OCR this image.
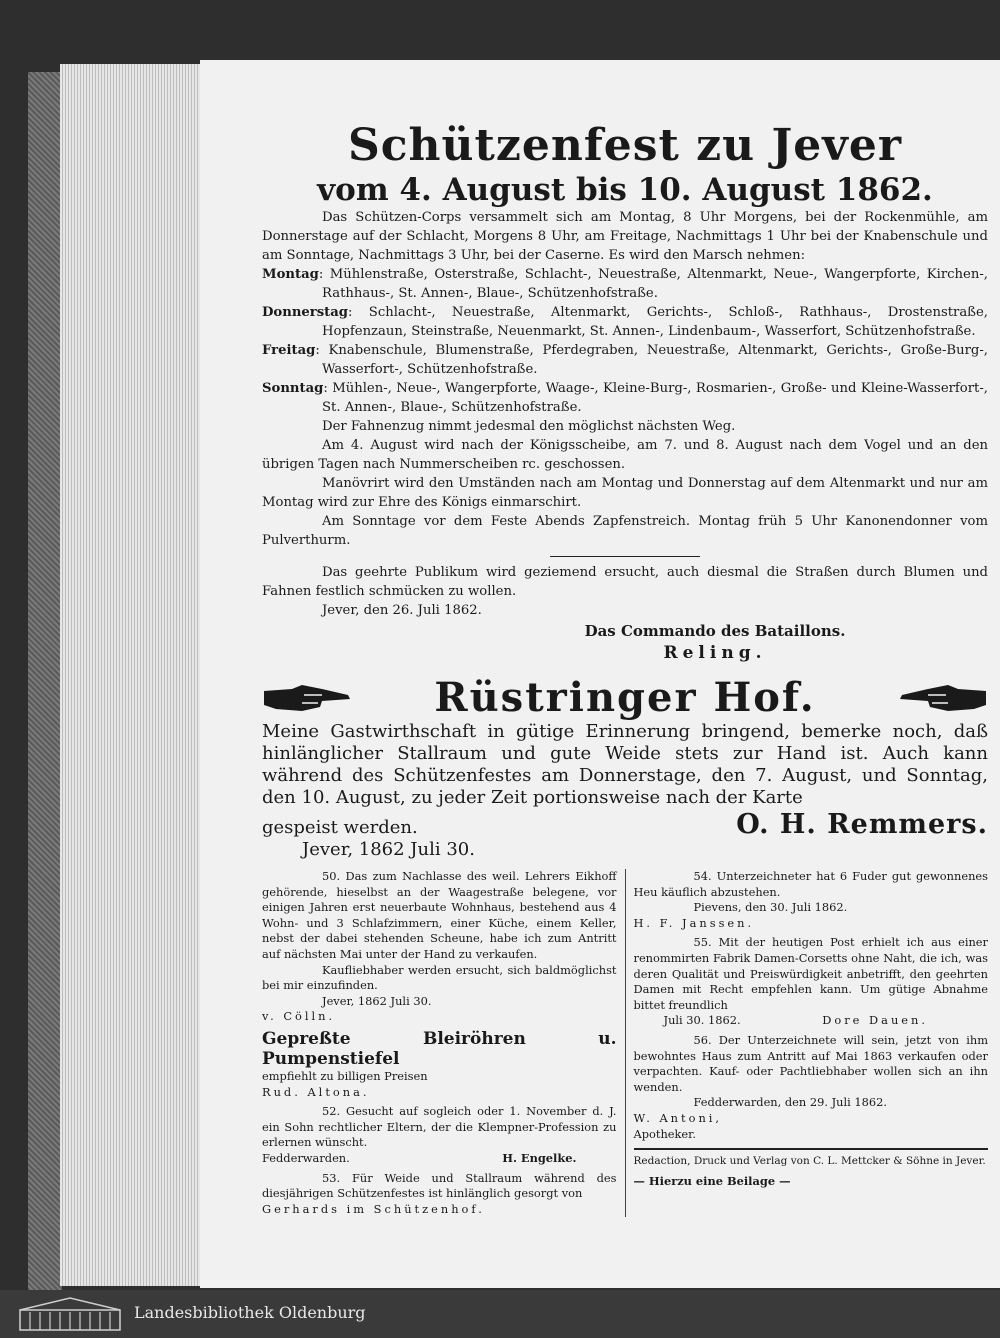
Schützenfest zu Jever
vom 4. August bis 10. August 1862.

Das Schützen-Corps versammelt sich am Montag, 8 Uhr Morgens, bei der Rockenmühle, am Donnerstage auf der Schlacht, Morgens 8 Uhr, am Freitage, Nachmittags 1 Uhr bei der Knabenschule und am Sonntage, Nachmittags 3 Uhr, bei der Caserne. Es wird den Marsch nehmen:

Montag: Mühlenstraße, Osterstraße, Schlacht-, Neuestraße, Altenmarkt, Neue-, Wangerpforte, Kirchen-, Rathhaus-, St. Annen-, Blaue-, Schützenhofstraße.

Donnerstag: Schlacht-, Neuestraße, Altenmarkt, Gerichts-, Schloß-, Rathhaus-, Drostenstraße, Hopfenzaun, Steinstraße, Neuenmarkt, St. Annen-, Lindenbaum-, Wasserfort, Schützenhofstraße.

Freitag: Knabenschule, Blumenstraße, Pferdegraben, Neuestraße, Altenmarkt, Gerichts-, Große-Burg-, Wasserfort-, Schützenhofstraße.

Sonntag: Mühlen-, Neue-, Wangerpforte, Waage-, Kleine-Burg-, Rosmarien-, Große- und Kleine-Wasserfort-, St. Annen-, Blaue-, Schützenhofstraße.

Der Fahnenzug nimmt jedesmal den möglichst nächsten Weg.

Am 4. August wird nach der Königsscheibe, am 7. und 8. August nach dem Vogel und an den übrigen Tagen nach Nummerscheiben rc. geschossen.

Manövrirt wird den Umständen nach am Montag und Donnerstag auf dem Altenmarkt und nur am Montag wird zur Ehre des Königs einmarschirt.

Am Sonntage vor dem Feste Abends Zapfenstreich. Montag früh 5 Uhr Kanonendonner vom Pulverthurm.

Das geehrte Publikum wird geziemend ersucht, auch diesmal die Straßen durch Blumen und Fahnen festlich schmücken zu wollen.

Jever, den 26. Juli 1862.

Das Commando des Bataillons.

Reling.

Rüstringer Hof.

Meine Gastwirthschaft in gütige Erinnerung bringend, bemerke noch, daß hinlänglicher Stallraum und gute Weide stets zur Hand ist. Auch kann während des Schützenfestes am Donnerstage, den 7. August, und Sonntag, den 10. August, zu jeder Zeit portionsweise nach der Karte

gespeist werden.

Jever, 1862 Juli 30.

O. H. Remmers.

50. Das zum Nachlasse des weil. Lehrers Eikhoff gehörende, hieselbst an der Waagestraße belegene, vor einigen Jahren erst neuerbaute Wohnhaus, bestehend aus 4 Wohn- und 3 Schlafzimmern, einer Küche, einem Keller, nebst der dabei stehenden Scheune, habe ich zum Antritt auf nächsten Mai unter der Hand zu verkaufen.

Kaufliebhaber werden ersucht, sich baldmöglichst bei mir einzufinden.

Jever, 1862 Juli 30.

v. Cölln.

Gepreßte Bleiröhren u. Pumpenstiefel

empfiehlt zu billigen Preisen

Rud. Altona.

52. Gesucht auf sogleich oder 1. November d. J. ein Sohn rechtlicher Eltern, der die Klempner-Profession zu erlernen wünscht.

Fedderwarden.	H. Engelke.

53. Für Weide und Stallraum während des diesjährigen Schützenfestes ist hinlänglich gesorgt von

Gerhards im Schützenhof.

54. Unterzeichneter hat 6 Fuder gut gewonnenes Heu käuflich abzustehen.

Pievens, den 30. Juli 1862.

H. F. Janssen.

55. Mit der heutigen Post erhielt ich aus einer renommirten Fabrik Damen-Corsetts ohne Naht, die ich, was deren Qualität und Preiswürdigkeit anbetrifft, den geehrten Damen mit Recht empfehlen kann. Um gütige Abnahme bittet freundlich

Juli 30. 1862.	Dore Dauen.

56. Der Unterzeichnete will sein, jetzt von ihm bewohntes Haus zum Antritt auf Mai 1863 verkaufen oder verpachten. Kauf- oder Pachtliebhaber wollen sich an ihn wenden.

Fedderwarden, den 29. Juli 1862.

W. Antoni,

Apotheker.

Redaction, Druck und Verlag von C. L. Mettcker & Söhne in Jever.

— Hierzu eine Beilage —

Landesbibliothek Oldenburg
